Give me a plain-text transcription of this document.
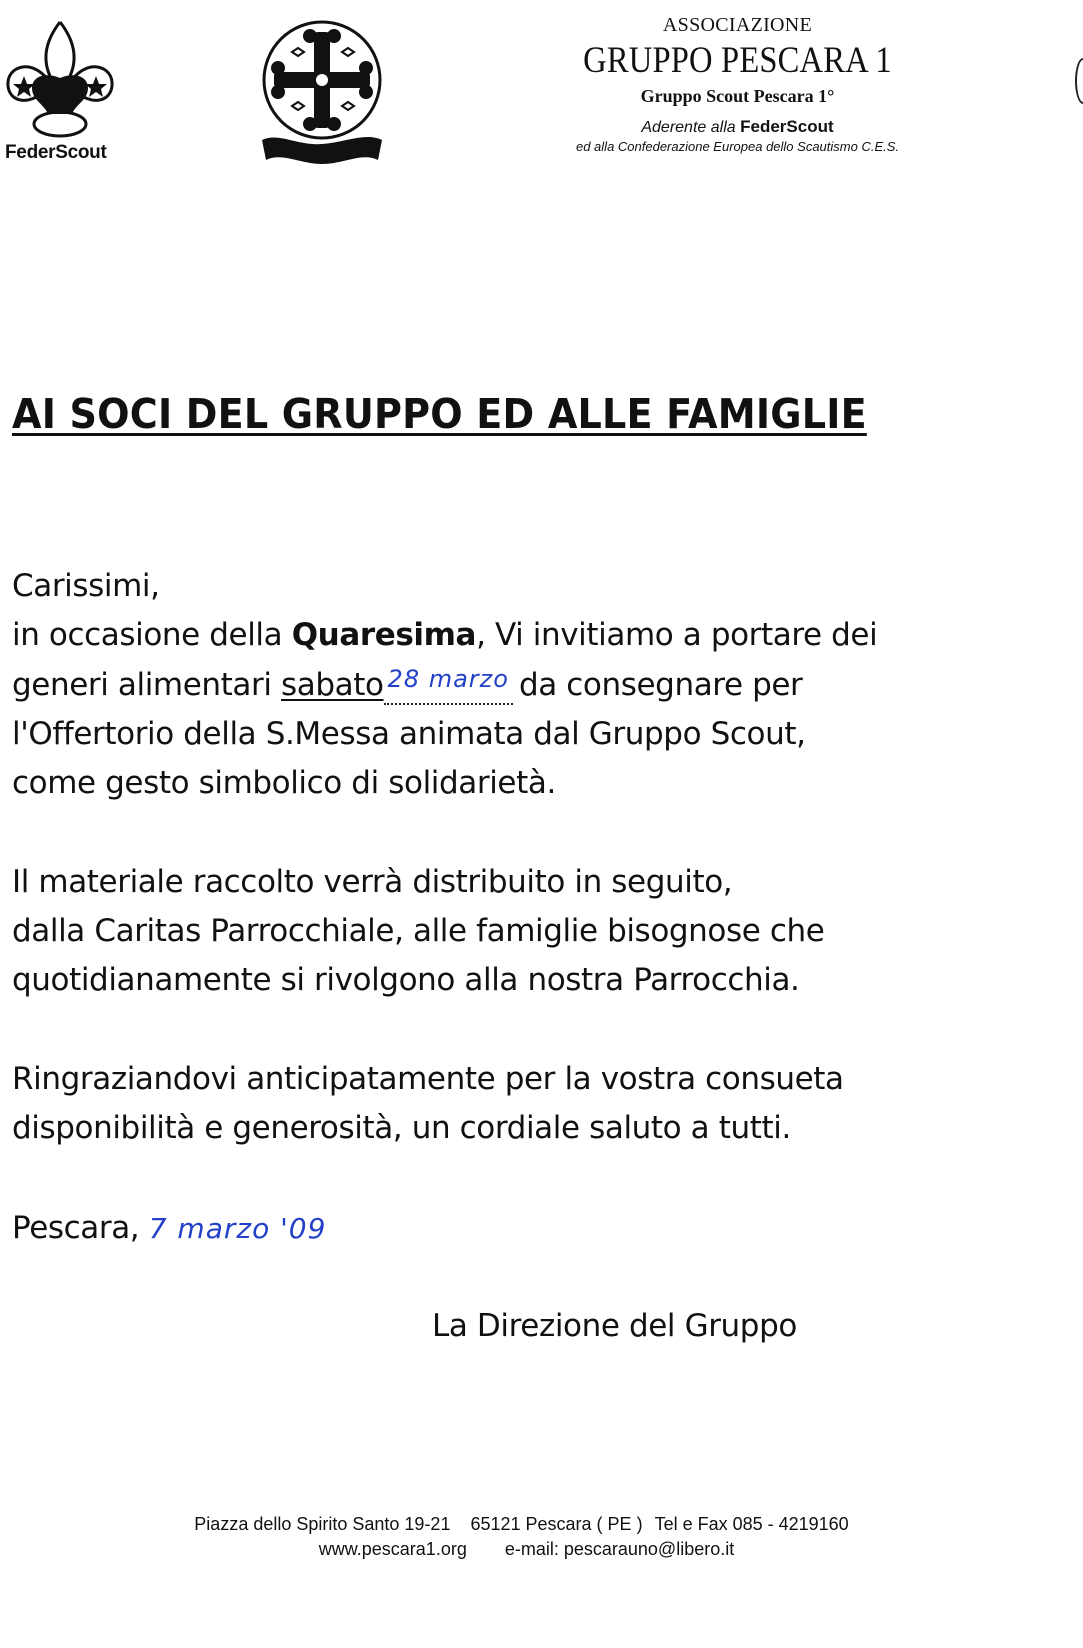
FederScout
ASSOCIAZIONE
GRUPPO PESCARA 1
Gruppo Scout Pescara 1°
Aderente alla FederScout
ed alla Confederazione Europea dello Scautismo C.E.S.
AI SOCI DEL GRUPPO ED ALLE FAMIGLIE
Carissimi,
in occasione della Quaresima, Vi invitiamo a portare dei
generi alimentari sabato $^{28 marzo}$ da consegnare per
l'Offertorio della S.Messa animata dal Gruppo Scout,
come gesto simbolico di solidarietà.
Il materiale raccolto verrà distribuito in seguito,
dalla Caritas Parrocchiale, alle famiglie bisognose che
quotidianamente si rivolgono alla nostra Parrocchia.
Ringraziandovi anticipatamente per la vostra consueta
disponibilità e generosità, un cordiale saluto a tutti.
Pescara, 7 marzo '09
La Direzione del Gruppo
Piazza dello Spirito Santo 19-21 65121 Pescara ( PE ) Tel e Fax 085 - 4219160
www.pescara1.org e-mail: pescarauno@libero.it
